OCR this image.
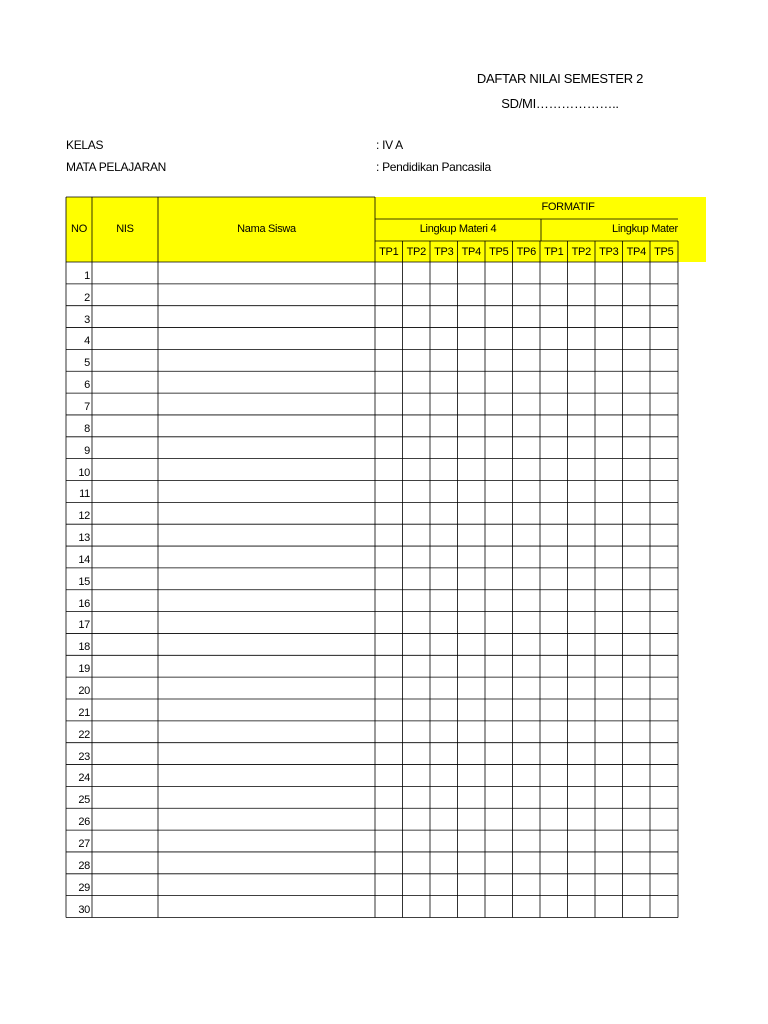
DAFTAR NILAI SEMESTER 2
SD/MI………………..
KELAS	: IV A
MATA PELAJARAN	: Pendidikan Pancasila
NO	NIS	Nama Siswa
FORMATIF
Lingkup Materi 4	Lingkup Mater
TP1 TP2 TP3 TP4 TP5 TP6 TP1 TP2 TP3 TP4 TP5
1
2
3
4
5
6
7
8
9
10
11
12
13
14
15
16
17
18
19
20
21
22
23
24
25
26
27
28
29
30
